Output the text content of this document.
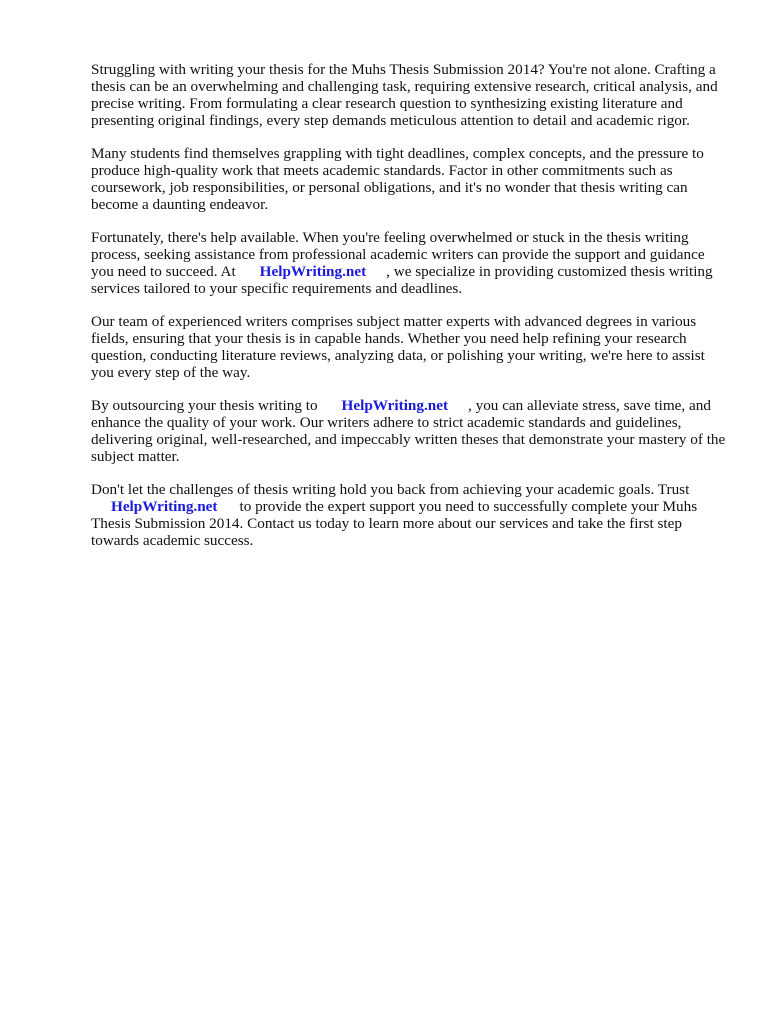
Struggling with writing your thesis for the Muhs Thesis Submission 2014? You're not alone. Crafting a thesis can be an overwhelming and challenging task, requiring extensive research, critical analysis, and precise writing. From formulating a clear research question to synthesizing existing literature and presenting original findings, every step demands meticulous attention to detail and academic rigor.

Many students find themselves grappling with tight deadlines, complex concepts, and the pressure to produce high-quality work that meets academic standards. Factor in other commitments such as coursework, job responsibilities, or personal obligations, and it's no wonder that thesis writing can become a daunting endeavor.

Fortunately, there's help available. When you're feeling overwhelmed or stuck in the thesis writing process, seeking assistance from professional academic writers can provide the support and guidance you need to succeed. At HelpWriting.net , we specialize in providing customized thesis writing services tailored to your specific requirements and deadlines.

Our team of experienced writers comprises subject matter experts with advanced degrees in various fields, ensuring that your thesis is in capable hands. Whether you need help refining your research question, conducting literature reviews, analyzing data, or polishing your writing, we're here to assist you every step of the way.

By outsourcing your thesis writing to HelpWriting.net , you can alleviate stress, save time, and enhance the quality of your work. Our writers adhere to strict academic standards and guidelines, delivering original, well-researched, and impeccably written theses that demonstrate your mastery of the subject matter.

Don't let the challenges of thesis writing hold you back from achieving your academic goals. Trust HelpWriting.net to provide the expert support you need to successfully complete your Muhs Thesis Submission 2014. Contact us today to learn more about our services and take the first step towards academic success.
